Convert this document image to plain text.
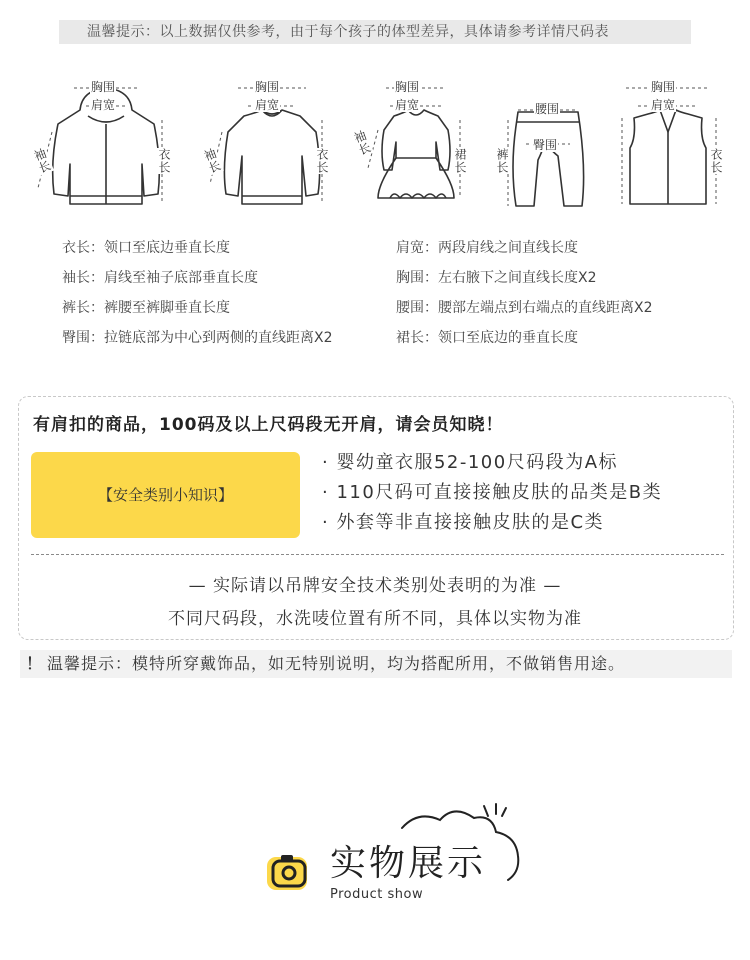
温馨提示：以上数据仅供参考，由于每个孩子的体型差异，具体请参考详情尺码表
胸围
肩宽
袖长	衣长
胸围
肩宽
袖长	衣长
胸围
肩宽
袖长
裙长
腰围
臀围
裤长
胸围
肩宽
衣长
衣长：领口至底边垂直长度
袖长：肩线至袖子底部垂直长度
裤长：裤腰至裤脚垂直长度
臀围：拉链底部为中心到两侧的直线距离X2
肩宽：两段肩线之间直线长度
胸围：左右腋下之间直线长度X2
腰围：腰部左端点到右端点的直线距离X2
裙长：领口至底边的垂直长度
有肩扣的商品，100码及以上尺码段无开肩，请会员知晓！
【安全类别小知识】
· 婴幼童衣服52-100尺码段为A标
· 110尺码可直接接触皮肤的品类是B类
· 外套等非直接接触皮肤的是C类
— 实际请以吊牌安全技术类别处表明的为准 —
不同尺码段，水洗唛位置有所不同，具体以实物为准
！ 温馨提示：模特所穿戴饰品，如无特别说明，均为搭配所用，不做销售用途。
实物展示
Product show
